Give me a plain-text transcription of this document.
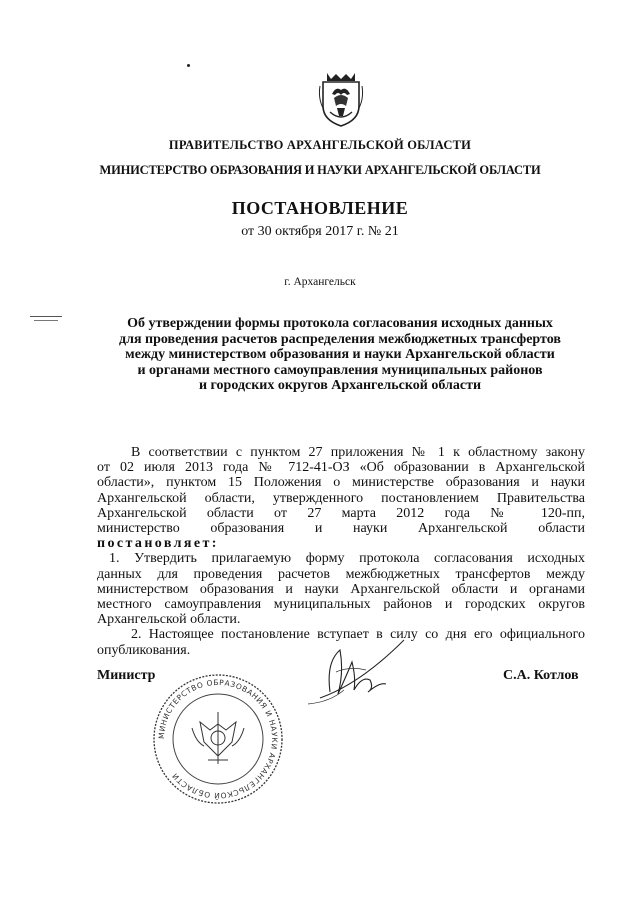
ПРАВИТЕЛЬСТВО АРХАНГЕЛЬСКОЙ ОБЛАСТИ
МИНИСТЕРСТВО ОБРАЗОВАНИЯ И НАУКИ АРХАНГЕЛЬСКОЙ ОБЛАСТИ
ПОСТАНОВЛЕНИЕ
от 30 октября 2017 г. № 21
г. Архангельск
Об утверждении формы протокола согласования исходных данных
для проведения расчетов распределения межбюджетных трансфертов
между министерством образования и науки Архангельской области
и органами местного самоуправления муниципальных районов
и городских округов Архангельской области
В соответствии с пунктом 27 приложения № 1 к областному закону
от 02 июля 2013 года № 712-41-ОЗ «Об образовании в Архангельской
области», пунктом 15 Положения о министерстве образования и науки
Архангельской области, утвержденного постановлением Правительства
Архангельской области от 27 марта 2012 года № 120-пп,
министерство образования и науки Архангельской области
постановляет:
1. Утвердить прилагаемую форму протокола согласования исходных
данных для проведения расчетов межбюджетных трансфертов между
министерством образования и науки Архангельской области и органами
местного самоуправления муниципальных районов и городских округов
Архангельской области.
2. Настоящее постановление вступает в силу со дня его официального
опубликования.
Министр	С.А. Котлов
МИНИСТЕРСТВО ОБРАЗОВАНИЯ И НАУКИ АРХАНГЕЛЬСКОЙ ОБЛАСТИ
